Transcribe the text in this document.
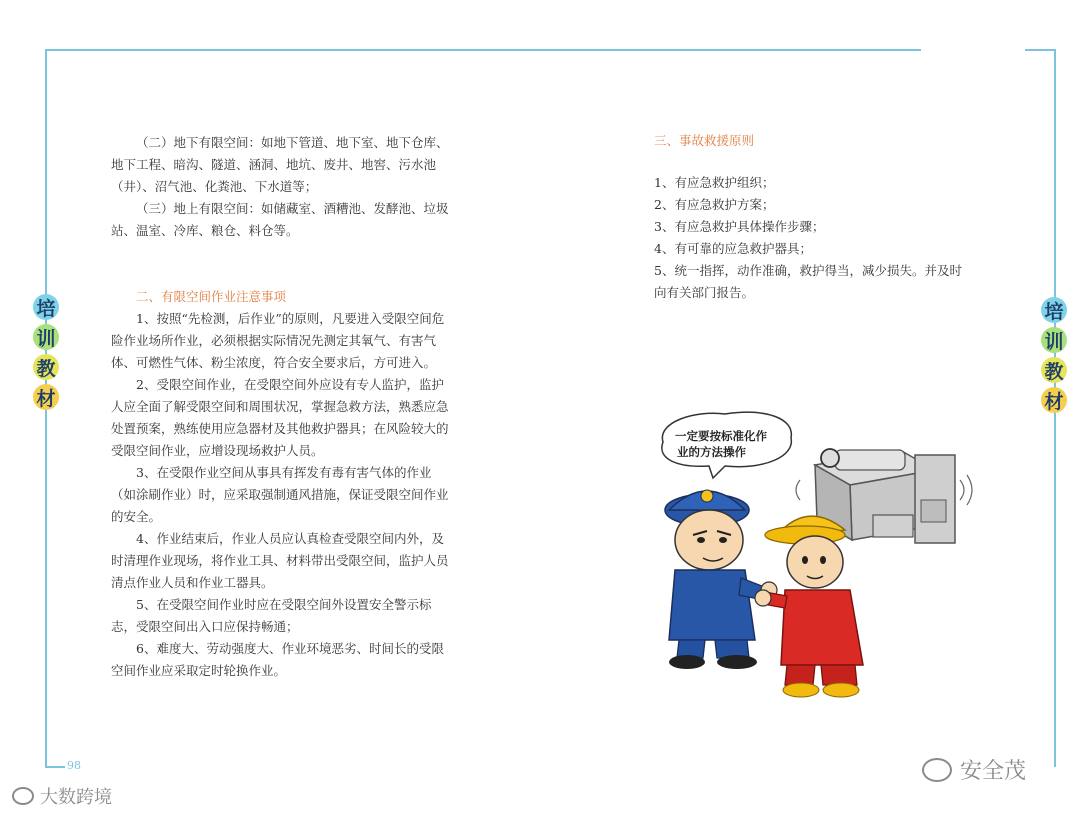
培
训
教
材
培
训
教
材

（二）地下有限空间：如地下管道、地下室、地下仓库、地下工程、暗沟、隧道、涵洞、地坑、废井、地窖、污水池（井）、沼气池、化粪池、下水道等；

（三）地上有限空间：如储藏室、酒糟池、发酵池、垃圾站、温室、冷库、粮仓、料仓等。

二、有限空间作业注意事项

1、按照“先检测，后作业”的原则，凡要进入受限空间危险作业场所作业，必须根据实际情况先测定其氧气、有害气体、可燃性气体、粉尘浓度，符合安全要求后，方可进入。

2、受限空间作业，在受限空间外应设有专人监护，监护人应全面了解受限空间和周围状况，掌握急救方法，熟悉应急处置预案，熟练使用应急器材及其他救护器具；在风险较大的受限空间作业，应增设现场救护人员。

3、在受限作业空间从事具有挥发有毒有害气体的作业（如涂刷作业）时，应采取强制通风措施，保证受限空间作业的安全。

4、作业结束后，作业人员应认真检查受限空间内外，及时清理作业现场，将作业工具、材料带出受限空间，监护人员清点作业人员和作业工器具。

5、在受限空间作业时应在受限空间外设置安全警示标志，受限空间出入口应保持畅通；

6、难度大、劳动强度大、作业环境恶劣、时间长的受限空间作业应采取定时轮换作业。

98
三、事故救援原则

1、有应急救护组织；

2、有应急救护方案；

3、有应急救护具体操作步骤；

4、有可靠的应急救护器具；

5、统一指挥，动作准确，救护得当，减少损失。并及时向有关部门报告。

一定要按标准化作
业的方法操作
大数跨境
安全茂
